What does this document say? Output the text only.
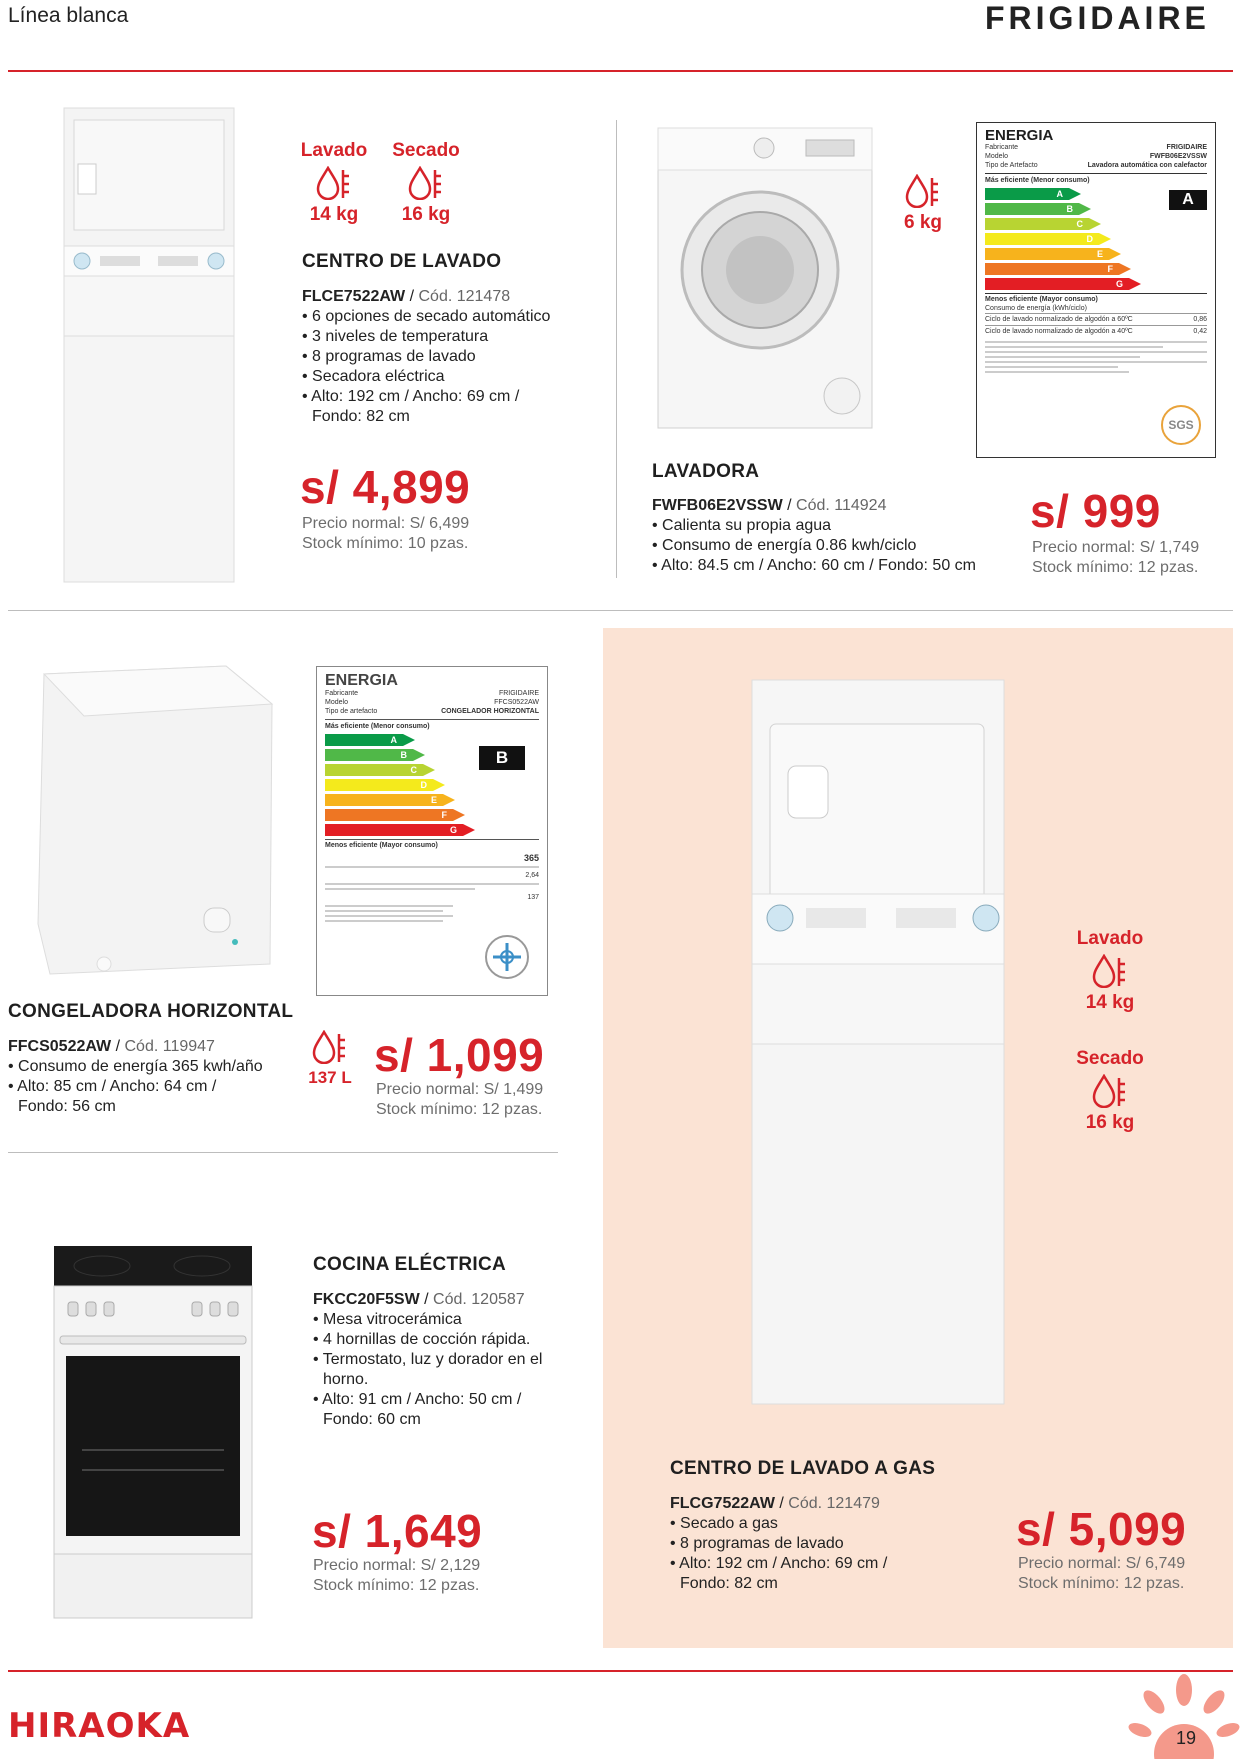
Línea blanca	FRIGIDAIRE
Lavado
14 kg
Secado
16 kg
CENTRO DE LAVADO
FLCE7522AW / Cód. 121478
• 6 opciones de secado automático
• 3 niveles de temperatura
• 8 programas de lavado
• Secadora eléctrica
• Alto: 192 cm / Ancho: 69 cm / Fondo: 82 cm
s/ 4,899
Precio normal: S/ 6,499
Stock mínimo: 10 pzas.
6 kg
ENERGIA
Fabricante	FRIGIDAIRE
Modelo	FWFB06E2VSSW
Tipo de Artefacto	Lavadora automática con calefactor
Más eficiente (Menor consumo)
A
B
C
D
E
F
G
A
Menos eficiente (Mayor consumo)
Consumo de energía (kWh/ciclo)
Ciclo de lavado normalizado de algodón a 60ºC	0,86
Ciclo de lavado normalizado de algodón a 40ºC	0,42
SGS
LAVADORA
FWFB06E2VSSW / Cód. 114924
• Calienta su propia agua
• Consumo de energía 0.86 kwh/ciclo
• Alto: 84.5 cm / Ancho: 60 cm / Fondo: 50 cm
s/ 999
Precio normal: S/ 1,749
Stock mínimo: 12 pzas.
ENERGIA
Fabricante	FRIGIDAIRE
Modelo	FFCS0522AW
Tipo de artefacto	CONGELADOR HORIZONTAL
Más eficiente (Menor consumo)
A
B
C
D
E
F
G
B
Menos eficiente (Mayor consumo)
365
2,64
137
CONGELADORA HORIZONTAL
FFCS0522AW / Cód. 119947
• Consumo de energía 365 kwh/año
• Alto: 85 cm / Ancho: 64 cm / Fondo: 56 cm
137 L s/ 1,099
Precio normal: S/ 1,499
Stock mínimo: 12 pzas.
COCINA ELÉCTRICA
FKCC20F5SW / Cód. 120587
• Mesa vitrocerámica
• 4 hornillas de cocción rápida.
• Termostato, luz y dorador en el horno.
• Alto: 91 cm / Ancho: 50 cm / Fondo: 60 cm
s/ 1,649
Precio normal: S/ 2,129
Stock mínimo: 12 pzas.
Lavado
14 kg
Secado
16 kg
CENTRO DE LAVADO A GAS
FLCG7522AW / Cód. 121479
• Secado a gas
• 8 programas de lavado
• Alto: 192 cm / Ancho: 69 cm / Fondo: 82 cm
s/ 5,099
Precio normal: S/ 6,749
Stock mínimo: 12 pzas.
HIRAOKA	19
